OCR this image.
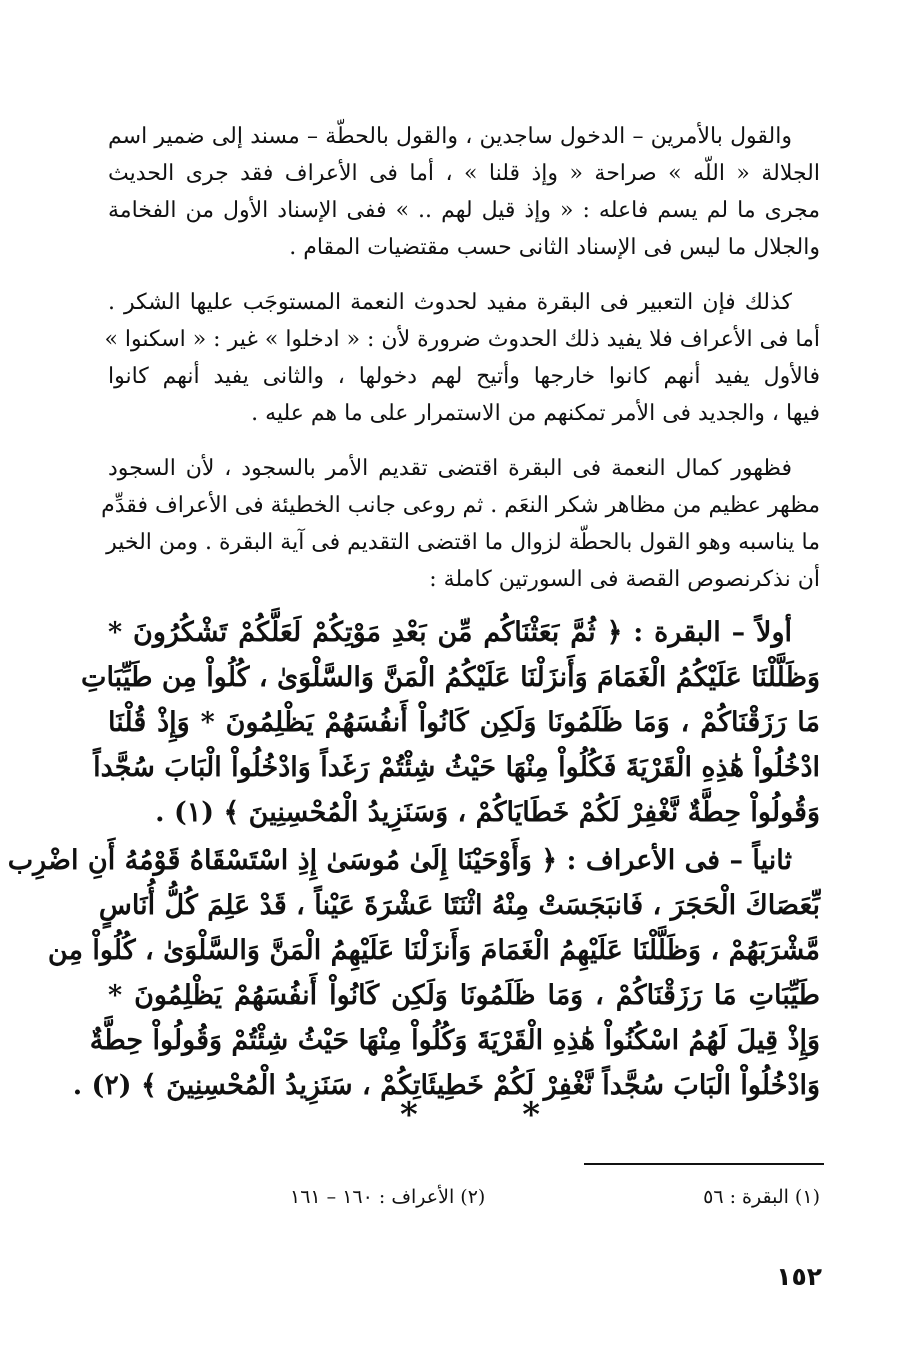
والقول بالأمرين – الدخول ساجدين ، والقول بالحطّة – مسند إلى ضمير اسم
الجلالة « اللّه » صراحة « وإذ قلنا » ، أما فى الأعراف فقد جرى الحديث
مجرى ما لم يسم فاعله : « وإذ قيل لهم .. » ففى الإسناد الأول من الفخامة
والجلال ما ليس فى الإسناد الثانى حسب مقتضيات المقام .
كذلك فإن التعبير فى البقرة مفيد لحدوث النعمة المستوجَب عليها الشكر .
أما فى الأعراف فلا يفيد ذلك الحدوث ضرورة لأن : « ادخلوا » غير : « اسكنوا »
فالأول يفيد أنهم كانوا خارجها وأتيح لهم دخولها ، والثانى يفيد أنهم كانوا
فيها ، والجديد فى الأمر تمكنهم من الاستمرار على ما هم عليه .
فظهور كمال النعمة فى البقرة اقتضى تقديم الأمر بالسجود ، لأن السجود
مظهر عظيم من مظاهر شكر النعَم . ثم روعى جانب الخطيئة فى الأعراف فقدِّم
ما يناسبه وهو القول بالحطّة لزوال ما اقتضى التقديم فى آية البقرة . ومن الخير
أن نذكرنصوص القصة فى السورتين كاملة :
أولاً – البقرة : ﴿ ثُمَّ بَعَثْنَاكُم مِّن بَعْدِ مَوْتِكُمْ لَعَلَّكُمْ تَشْكُرُونَ *
وَظَلَّلْنَا عَلَيْكُمُ الْغَمَامَ وَأَنزَلْنَا عَلَيْكُمُ الْمَنَّ وَالسَّلْوَىٰ ، كُلُواْ مِن طَيِّبَاتِ
مَا رَزَقْنَاكُمْ ، وَمَا ظَلَمُونَا وَلَكِن كَانُواْ أَنفُسَهُمْ يَظْلِمُونَ * وَإِذْ قُلْنَا
ادْخُلُواْ هَٰذِهِ الْقَرْيَةَ فَكُلُواْ مِنْهَا حَيْثُ شِئْتُمْ رَغَداً وَادْخُلُواْ الْبَابَ سُجَّداً
وَقُولُواْ حِطَّةٌ نَّغْفِرْ لَكُمْ خَطَايَاكُمْ ، وَسَنَزِيدُ الْمُحْسِنِينَ ﴾ (١) .
ثانياً – فى الأعراف : ﴿ وَأَوْحَيْنَا إِلَىٰ مُوسَىٰ إِذِ اسْتَسْقَاهُ قَوْمُهُ أَنِ اضْرِب
بِّعَصَاكَ الْحَجَرَ ، فَانبَجَسَتْ مِنْهُ اثْنَتَا عَشْرَةَ عَيْناً ، قَدْ عَلِمَ كُلُّ أُنَاسٍ
مَّشْرَبَهُمْ ، وَظَلَّلْنَا عَلَيْهِمُ الْغَمَامَ وَأَنزَلْنَا عَلَيْهِمُ الْمَنَّ وَالسَّلْوَىٰ ، كُلُواْ مِن
طَيِّبَاتِ مَا رَزَقْنَاكُمْ ، وَمَا ظَلَمُونَا وَلَكِن كَانُواْ أَنفُسَهُمْ يَظْلِمُونَ *
وَإِذْ قِيلَ لَهُمُ اسْكُنُواْ هَٰذِهِ الْقَرْيَةَ وَكُلُواْ مِنْهَا حَيْثُ شِئْتُمْ وَقُولُواْ حِطَّةٌ
وَادْخُلُواْ الْبَابَ سُجَّداً نَّغْفِرْ لَكُمْ خَطِيئَاتِكُمْ ، سَنَزِيدُ الْمُحْسِنِينَ ﴾ (٢) .
*
*
(١) البقرة : ٥٦
(٢) الأعراف : ١٦٠ – ١٦١
١٥٢
